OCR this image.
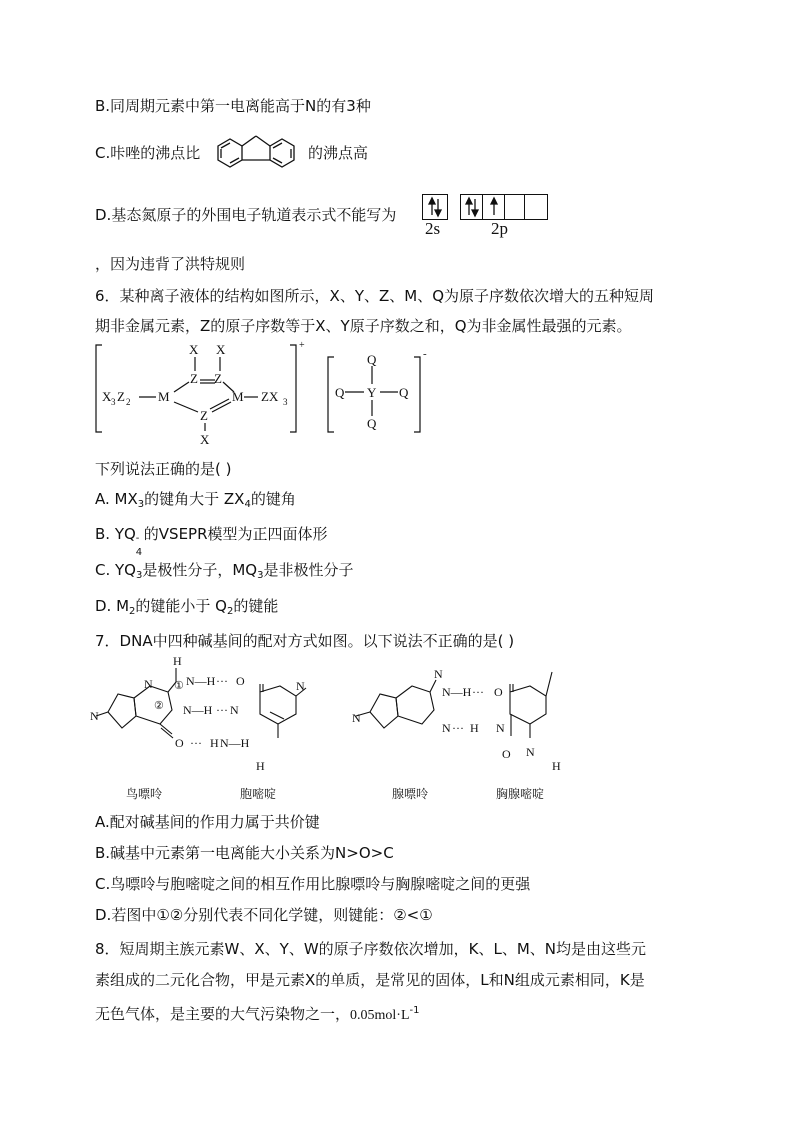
B.同周期元素中第一电离能高于N的有3种
C.咔唑的沸点比	的沸点高
D.基态氮原子的外围电子轨道表示式不能写为
2s	2p
，因为违背了洪特规则
6．某种离子液体的结构如图所示，X、Y、Z、M、Q为原子序数依次增大的五种短周
期非金属元素，Z的原子序数等于X、Y原子序数之和，Q为非金属性最强的元素。
X X
Z Z
M	M
Z
X
X 3 Z 2	ZX 3
+
Q
Q Y Q
Q
-
下列说法正确的是( )
A. $MX_3$的键角大于 $ZX_4$的键角
B. YQ -
4
的VSEPR模型为正四面体形
C. $YQ_3$是极性分子，$MQ_3$是非极性分子
D. $M_2$的键能小于 $Q_2$的键能
7．DNA中四种碱基间的配对方式如图。以下说法不正确的是( )
H
N—H ··· O
N ①
② N—H ··· N
O ··· H N—H
H
N
N
N
N—H ··· O
N ··· H N
O N
H
N
鸟嘌呤	胞嘧啶	腺嘌呤	胸腺嘧啶
A.配对碱基间的作用力属于共价键
B.碱基中元素第一电离能大小关系为N>O>C
C.鸟嘌呤与胞嘧啶之间的相互作用比腺嘌呤与胸腺嘧啶之间的更强
D.若图中①②分别代表不同化学键，则键能：②<①
8．短周期主族元素W、X、Y、W的原子序数依次增加，K、L、M、N均是由这些元
素组成的二元化合物，甲是元素X的单质，是常见的固体，L和N组成元素相同，K是
无色气体，是主要的大气污染物之一，$0.05mol\cdot L^{-1}$
